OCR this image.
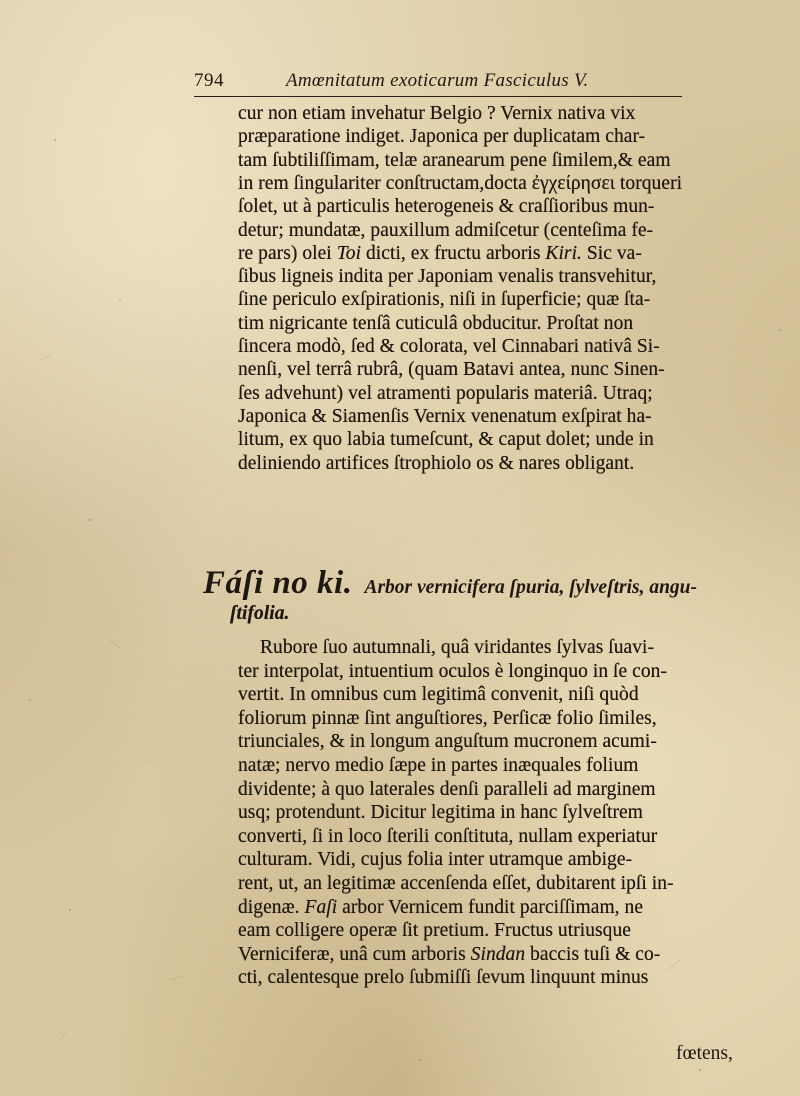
794	Amœnitatum exoticarum Fasciculus V.
cur non etiam invehatur Belgio ? Vernix nativa vix
præparatione indiget. Japonica per duplicatam char-
tam ſubtiliſſimam, telæ aranearum pene ſimilem,& eam
in rem ſingulariter conſtructam,docta ἐγχείρησει torqueri
ſolet, ut à particulis heterogeneis & craſſioribus mun-
detur; mundatæ, pauxillum admiſcetur (centeſima fe-
re pars) olei Toi dicti, ex fructu arboris Kiri. Sic va-
ſibus ligneis indita per Japoniam venalis transvehitur,
ſine periculo exſpirationis, niſi in ſuperficie; quæ ſta-
tim nigricante tenſâ cuticulâ obducitur. Proſtat non
ſincera modò, ſed & colorata, vel Cinnabari nativâ Si-
nenſi, vel terrâ rubrâ, (quam Batavi antea, nunc Sinen-
ſes advehunt) vel atramenti popularis materiâ. Utraq;
Japonica & Siamenſis Vernix venenatum exſpirat ha-
litum, ex quo labia tumeſcunt, & caput dolet; unde in
deliniendo artifices ſtrophiolo os & nares obligant.
Fáſi no ki. Arbor vernicifera ſpuria, ſylveſtris, angu-
ſtifolia.
Rubore ſuo autumnali, quâ viridantes ſylvas ſuavi-
ter interpolat, intuentium oculos è longinquo in ſe con-
vertit. In omnibus cum legitimâ convenit, niſi quòd
foliorum pinnæ ſint anguſtiores, Perſicæ folio ſimiles,
triunciales, & in longum anguſtum mucronem acumi-
natæ; nervo medio ſæpe in partes inæquales folium
dividente; à quo laterales denſi paralleli ad marginem
usq; protendunt. Dicitur legitima in hanc ſylveſtrem
converti, ſi in loco ſterili conſtituta, nullam experiatur
culturam. Vidi, cujus folia inter utramque ambige-
rent, ut, an legitimæ accenſenda eſſet, dubitarent ipſi in-
digenæ. Faſi arbor Vernicem fundit parciſſimam, ne
eam colligere operæ ſit pretium. Fructus utriusque
Verniciferæ, unâ cum arboris Sindan baccis tuſi & co-
cti, calentesque prelo ſubmiſſi ſevum linquunt minus
fœtens,
